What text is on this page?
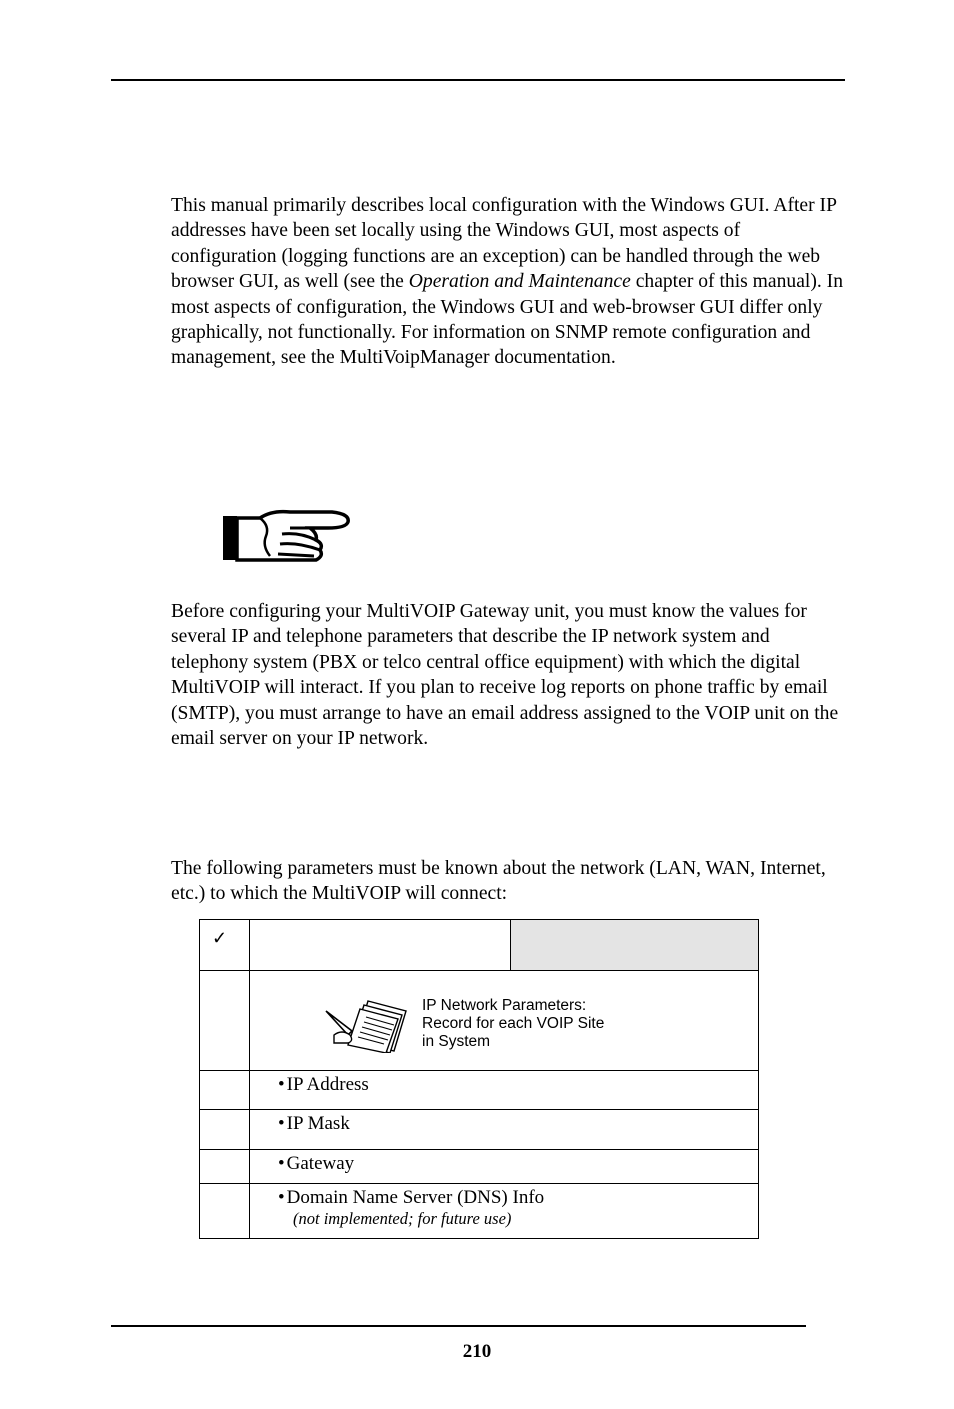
This manual primarily describes local configuration with the Windows GUI. After IP addresses have been set locally using the Windows GUI, most aspects of configuration (logging functions are an exception) can be handled through the web browser GUI, as well (see the Operation and Maintenance chapter of this manual). In most aspects of configuration, the Windows GUI and web-browser GUI differ only graphically, not functionally. For information on SNMP remote configuration and management, see the MultiVoipManager documentation.

Before configuring your MultiVOIP Gateway unit, you must know the values for several IP and telephone parameters that describe the IP network system and telephony system (PBX or telco central office equipment) with which the digital MultiVOIP will interact. If you plan to receive log reports on phone traffic by email (SMTP), you must arrange to have an email address assigned to the VOIP unit on the email server on your IP network.

The following parameters must be known about the network (LAN, WAN, Internet, etc.) to which the MultiVOIP will connect:

✓		

	IP Network Parameters:
Record for each VOIP Site
in System	

	• IP Address	
	• IP Mask	
	• Gateway	
	• Domain Name Server (DNS) Info
(not implemented; for future use)	
210
